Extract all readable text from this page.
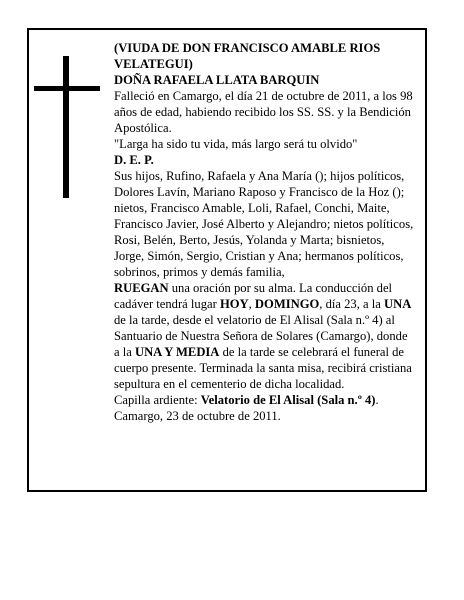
(VIUDA DE DON FRANCISCO AMABLE RIOS VELATEGUI)

DOÑA RAFAELA LLATA BARQUIN

Falleció en Camargo, el día 21 de octubre de 2011, a los 98 años de edad, habiendo recibido los SS. SS. y la Bendición Apostólica.

"Larga ha sido tu vida, más largo será tu olvido"

D. E. P.

Sus hijos, Rufino, Rafaela y Ana María (); hijos políticos, Dolores Lavín, Mariano Raposo y Francisco de la Hoz (); nietos, Francisco Amable, Loli, Rafael, Conchi, Maite, Francisco Javier, José Alberto y Alejandro; nietos políticos, Rosi, Belén, Berto, Jesús, Yolanda y Marta; bisnietos, Jorge, Simón, Sergio, Cristian y Ana; hermanos políticos, sobrinos, primos y demás familia,

RUEGAN una oración por su alma. La conducción del cadáver tendrá lugar HOY, DOMINGO, día 23, a la UNA de la tarde, desde el velatorio de El Alisal (Sala n.º 4) al Santuario de Nuestra Señora de Solares (Camargo), donde a la UNA Y MEDIA de la tarde se celebrará el funeral de cuerpo presente. Terminada la santa misa, recibirá cristiana sepultura en el cementerio de dicha localidad.

Capilla ardiente: Velatorio de El Alisal (Sala n.º 4).

Camargo, 23 de octubre de 2011.
